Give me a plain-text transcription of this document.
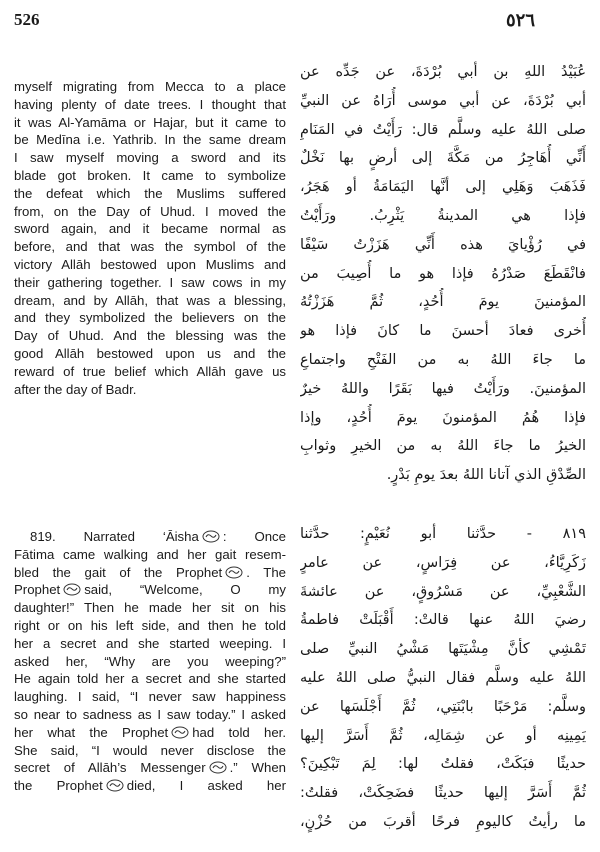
526	٥٢٦
myself migrating from Mecca to a place
having plenty of date trees. I thought that
it was Al-Yamāma or Hajar, but it came to
be Medīna i.e. Yathrib. In the same dream
I saw myself moving a sword and its
blade got broken. It came to symbolize
the defeat which the Muslims suffered
from, on the Day of Uhud. I moved the
sword again, and it became normal as
before, and that was the symbol of the
victory Allāh bestowed upon Muslims and
their gathering together. I saw cows in my
dream, and by Allāh, that was a blessing,
and they symbolized the believers on the
Day of Uhud. And the blessing was the
good Allāh bestowed upon us and the
reward of true belief which Allāh gave us
after the day of Badr.
819. Narrated ‘Āisha : Once
Fātima came walking and her gait resem-
bled the gait of the Prophet . The
Prophet said, “Welcome, O my
daughter!” Then he made her sit on his
right or on his left side, and then he told
her a secret and she started weeping. I
asked her, “Why are you weeping?”
He again told her a secret and she started
laughing. I said, “I never saw happiness
so near to sadness as I saw today.” I asked
her what the Prophet had told her.
She said, “I would never disclose the
secret of Allāh’s Messenger .” When
the Prophet died, I asked her
عُبَيْدُ اللهِ بن أبي بُرْدَةَ، عن جَدِّه عن
أبي بُرْدَةَ، عن أبي موسى أُرَاهُ عن النبيِّ
صلى اللهُ عليه وسلَّم قال: رَأَيْتُ في المَنَامِ
أَنِّي أُهَاجِرُ من مَكَّةَ إلى أرضٍ بها نَخْلٌ
فَذَهَبَ وَهَلِي إلى أنَّها اليَمَامَةُ أو هَجَرُ،
فإذا هي المدينةُ يَثْرِبُ. ورَأَيْتُ
في رُؤْيايَ هذه أَنِّي هَزَزْتُ سَيْفًا
فانْقَطَعَ صَدْرُهُ فإذا هو ما أُصِيبَ من
المؤمنينَ يومَ أُحُدٍ، ثُمَّ هَزَزْتُهُ
أُخرى فعادَ أحسنَ ما كانَ فإذا هو
ما جاءَ اللهُ به من الفَتْحِ واجتماعِ
المؤمنينَ. ورَأَيْتُ فيها بَقَرًا واللهُ خيرٌ
فإذا هُمُ المؤمنونَ يومَ أُحُدٍ، وإذا
الخيرُ ما جاءَ اللهُ به من الخيرِ وثوابِ
الصِّدْقِ الذي آتانا اللهُ بعدَ يومِ بَدْرٍ.
٨١٩ - حدَّثنا أبو نُعَيْمٍ: حدَّثنا
زَكَرِيَّاءُ، عن فِرَاسٍ، عن عامرٍ
الشَّعْبِيِّ، عن مَسْرُوقٍ، عن عائشةَ
رضيَ اللهُ عنها قالتْ: أَقْبَلَتْ فاطمةُ
تَمْشِي كأنَّ مِشْيَتَها مَشْيُ النبيِّ صلى
اللهُ عليه وسلَّم فقال النبيُّ صلى اللهُ عليه
وسلَّم: مَرْحَبًا بابْنَتِي، ثُمَّ أَجْلَسَها عن
يَمِينِه أو عن شِمَالِه، ثُمَّ أَسَرَّ إليها
حديثًا فبَكَتْ، فقلتُ لها: لِمَ تَبْكِينَ؟
ثُمَّ أَسَرَّ إليها حديثًا فضَحِكَتْ، فقلتُ:
ما رأيتُ كاليومِ فرحًا أقربَ من حُزْنٍ،
